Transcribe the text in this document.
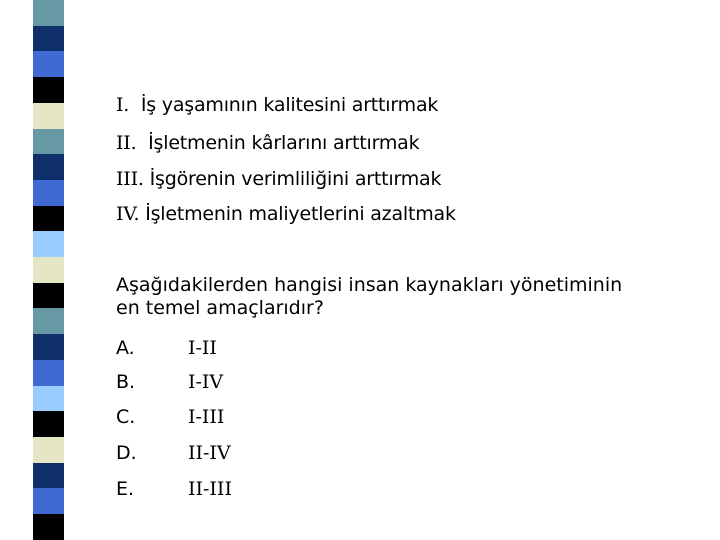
I. İş yaşamının kalitesini arttırmak
II. İşletmenin kârlarını arttırmak
III. İşgörenin verimliliğini arttırmak
IV. İşletmenin maliyetlerini azaltmak
Aşağıdakilerden hangisi insan kaynakları yönetiminin en temel amaçlarıdır?
A.	I-II
B.	I-IV
C.	I-III
D.	II-IV
E.	II-III
